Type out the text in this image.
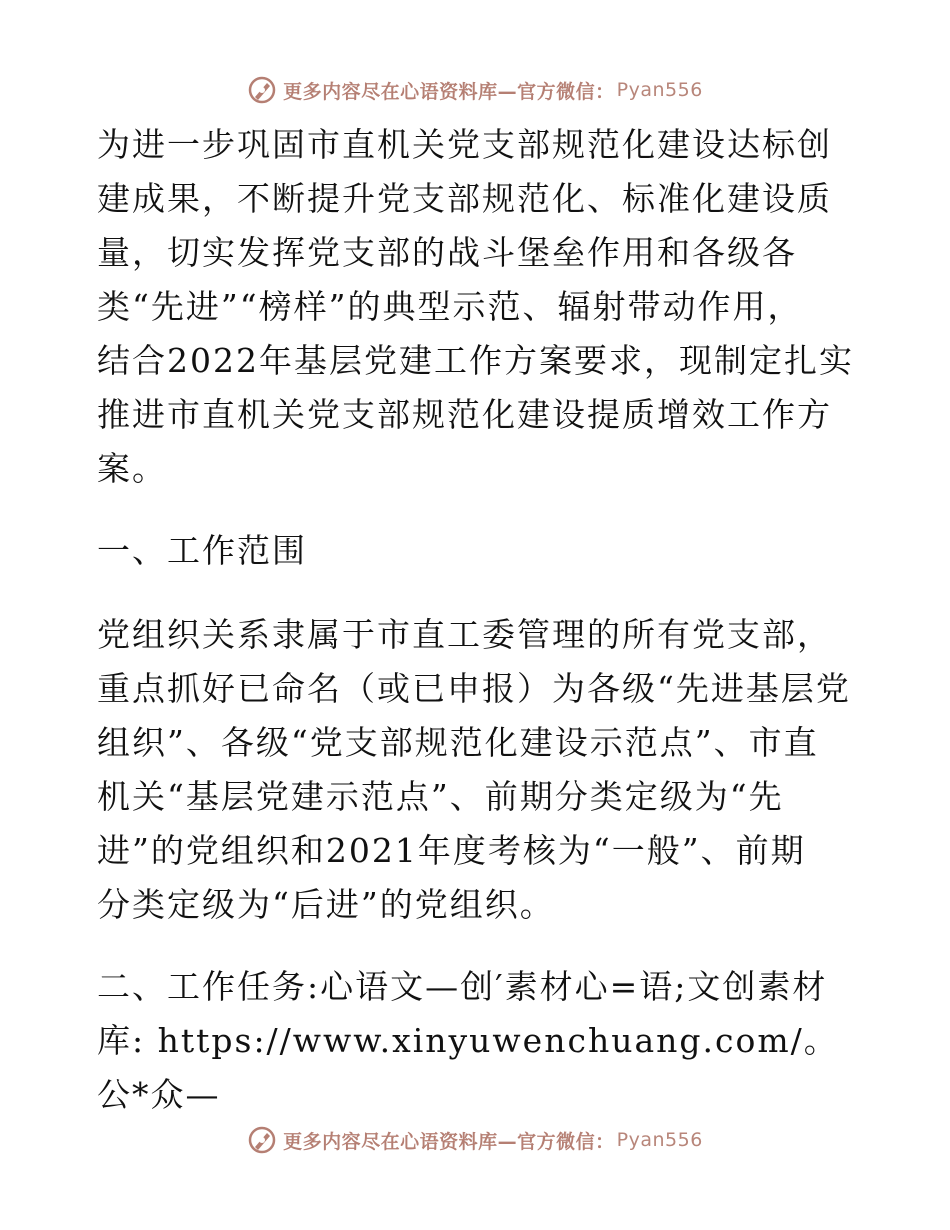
更多内容尽在心语资料库—官方微信： Pyan556

为进一步巩固市直机关党支部规范化建设达标创
建成果，不断提升党支部规范化、标准化建设质
量，切实发挥党支部的战斗堡垒作用和各级各
类“先进”“榜样”的典型示范、辐射带动作用，
结合2022年基层党建工作方案要求，现制定扎实
推进市直机关党支部规范化建设提质增效工作方
案。

一、工作范围

党组织关系隶属于市直工委管理的所有党支部，
重点抓好已命名（或已申报）为各级“先进基层党
组织”、各级“党支部规范化建设示范点”、市直
机关“基层党建示范点”、前期分类定级为“先
进”的党组织和2021年度考核为“一般”、前期
分类定级为“后进”的党组织。

二、工作任务:心语文—创′素材心=语;文创素材
库: https://www.xinyuwenchuang.com/。公*众—

更多内容尽在心语资料库—官方微信： Pyan556
